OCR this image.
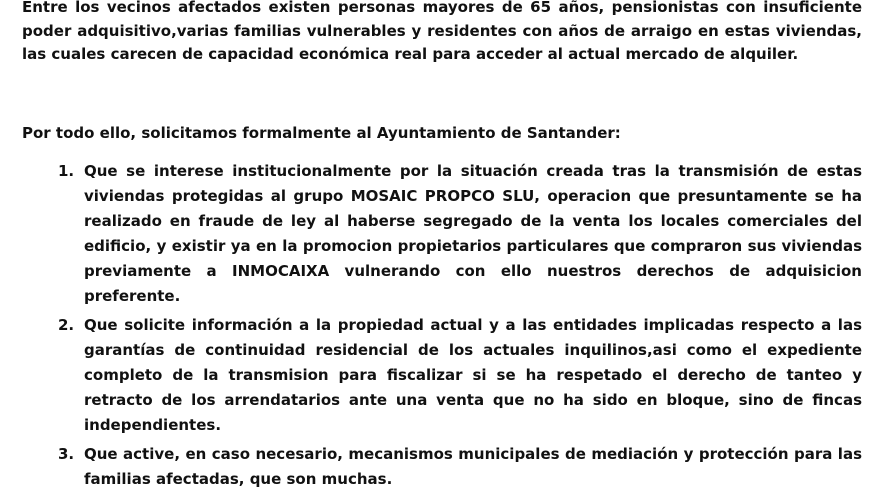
Entre los vecinos afectados existen personas mayores de 65 años, pensionistas con insuficiente poder adquisitivo,varias familias vulnerables y residentes con años de arraigo en estas viviendas, las cuales carecen de capacidad económica real para acceder al actual mercado de alquiler.

Por todo ello, solicitamos formalmente al Ayuntamiento de Santander:

1. Que se interese institucionalmente por la situación creada tras la transmisión de estas viviendas protegidas al grupo MOSAIC PROPCO SLU, operacion que presuntamente se ha realizado en fraude de ley al haberse segregado de la venta los locales comerciales del edificio, y existir ya en la promocion propietarios particulares que compraron sus viviendas previamente a INMOCAIXA vulnerando con ello nuestros derechos de adquisicion preferente.
2. Que solicite información a la propiedad actual y a las entidades implicadas respecto a las garantías de continuidad residencial de los actuales inquilinos,asi como el expediente completo de la transmision para fiscalizar si se ha respetado el derecho de tanteo y retracto de los arrendatarios ante una venta que no ha sido en bloque, sino de fincas independientes.
3. Que active, en caso necesario, mecanismos municipales de mediación y protección para las familias afectadas, que son muchas.
